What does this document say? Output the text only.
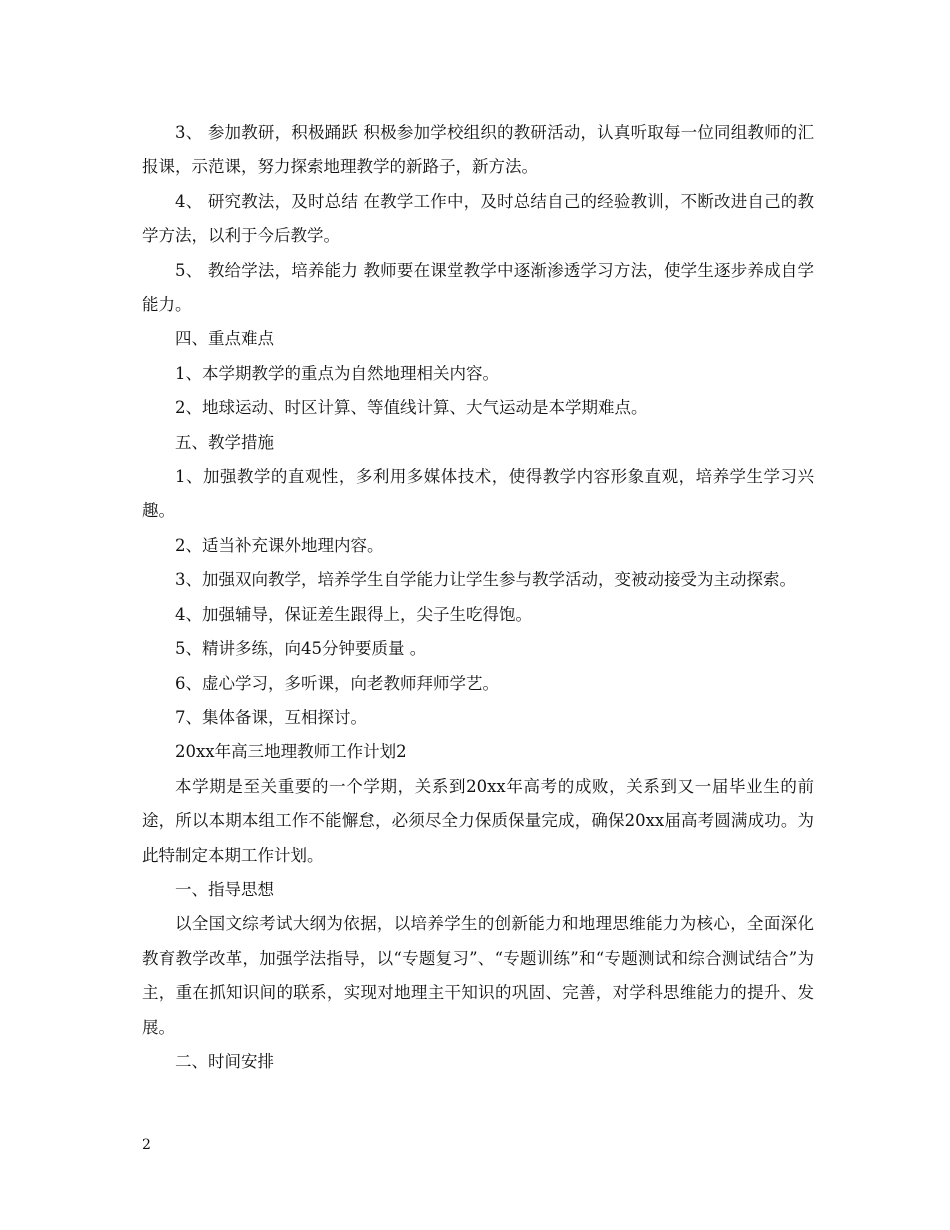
3、 参加教研，积极踊跃 积极参加学校组织的教研活动，认真听取每一位同组教师的汇报课，示范课，努力探索地理教学的新路子，新方法。

4、 研究教法，及时总结 在教学工作中，及时总结自己的经验教训，不断改进自己的教学方法，以利于今后教学。

5、 教给学法，培养能力 教师要在课堂教学中逐渐渗透学习方法，使学生逐步养成自学能力。

四、重点难点

1、本学期教学的重点为自然地理相关内容。

2、地球运动、时区计算、等值线计算、大气运动是本学期难点。

五、教学措施

1、加强教学的直观性，多利用多媒体技术，使得教学内容形象直观，培养学生学习兴趣。

2、适当补充课外地理内容。

3、加强双向教学，培养学生自学能力让学生参与教学活动，变被动接受为主动探索。

4、加强辅导，保证差生跟得上，尖子生吃得饱。

5、精讲多练，向45分钟要质量 。

6、虚心学习，多听课，向老教师拜师学艺。

7、集体备课，互相探讨。

20xx年高三地理教师工作计划2

本学期是至关重要的一个学期，关系到20xx年高考的成败，关系到又一届毕业生的前途，所以本期本组工作不能懈怠，必须尽全力保质保量完成，确保20xx届高考圆满成功。为此特制定本期工作计划。

一、指导思想

以全国文综考试大纲为依据，以培养学生的创新能力和地理思维能力为核心，全面深化教育教学改革，加强学法指导，以“专题复习”、“专题训练”和“专题测试和综合测试结合”为主，重在抓知识间的联系，实现对地理主干知识的巩固、完善，对学科思维能力的提升、发展。

二、时间安排

2
